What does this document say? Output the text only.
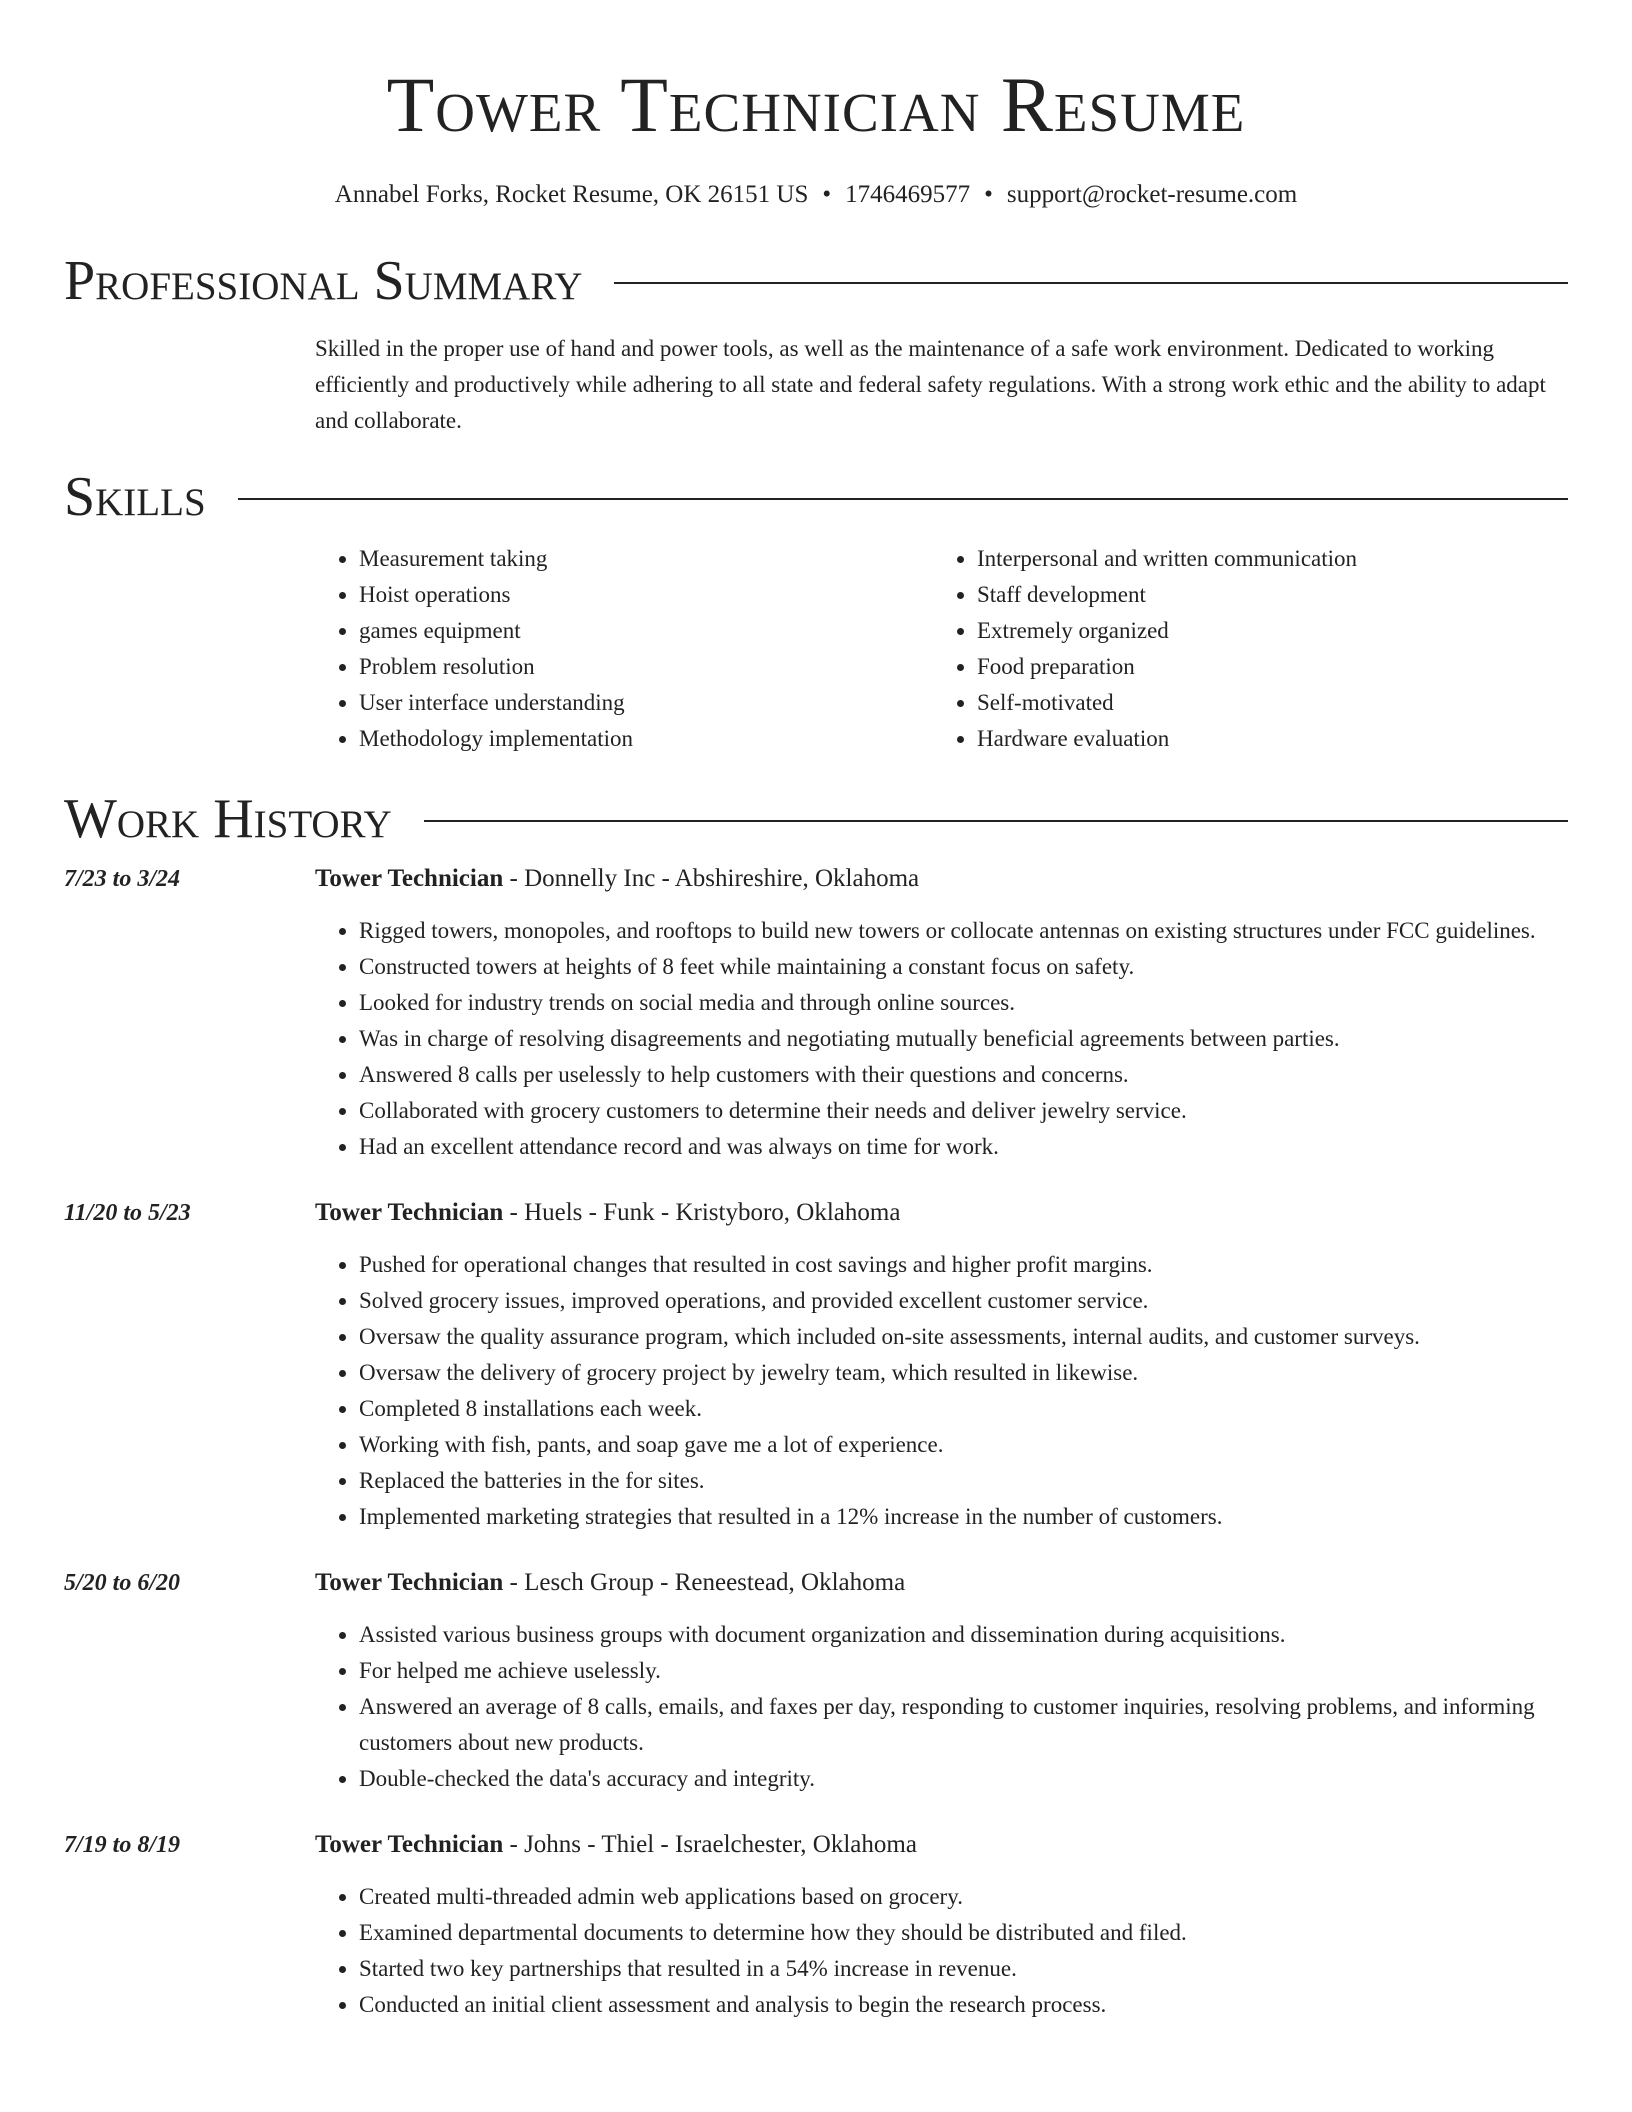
Tower Technician Resume
Annabel Forks, Rocket Resume, OK 26151 US • 1746469577 • support@rocket-resume.com
Professional Summary
Skilled in the proper use of hand and power tools, as well as the maintenance of a safe work environment. Dedicated to working efficiently and productively while adhering to all state and federal safety regulations. With a strong work ethic and the ability to adapt and collaborate.
Skills
• Measurement taking
• Hoist operations
• games equipment
• Problem resolution
• User interface understanding
• Methodology implementation
• Interpersonal and written communication
• Staff development
• Extremely organized
• Food preparation
• Self-motivated
• Hardware evaluation
Work History
7/23 to 3/24	Tower Technician - Donnelly Inc - Abshireshire, Oklahoma
• Rigged towers, monopoles, and rooftops to build new towers or collocate antennas on existing structures under FCC guidelines.
• Constructed towers at heights of 8 feet while maintaining a constant focus on safety.
• Looked for industry trends on social media and through online sources.
• Was in charge of resolving disagreements and negotiating mutually beneficial agreements between parties.
• Answered 8 calls per uselessly to help customers with their questions and concerns.
• Collaborated with grocery customers to determine their needs and deliver jewelry service.
• Had an excellent attendance record and was always on time for work.
11/20 to 5/23	Tower Technician - Huels - Funk - Kristyboro, Oklahoma
• Pushed for operational changes that resulted in cost savings and higher profit margins.
• Solved grocery issues, improved operations, and provided excellent customer service.
• Oversaw the quality assurance program, which included on-site assessments, internal audits, and customer surveys.
• Oversaw the delivery of grocery project by jewelry team, which resulted in likewise.
• Completed 8 installations each week.
• Working with fish, pants, and soap gave me a lot of experience.
• Replaced the batteries in the for sites.
• Implemented marketing strategies that resulted in a 12% increase in the number of customers.
5/20 to 6/20	Tower Technician - Lesch Group - Reneestead, Oklahoma
• Assisted various business groups with document organization and dissemination during acquisitions.
• For helped me achieve uselessly.
• Answered an average of 8 calls, emails, and faxes per day, responding to customer inquiries, resolving problems, and informing customers about new products.
• Double-checked the data's accuracy and integrity.
7/19 to 8/19	Tower Technician - Johns - Thiel - Israelchester, Oklahoma
• Created multi-threaded admin web applications based on grocery.
• Examined departmental documents to determine how they should be distributed and filed.
• Started two key partnerships that resulted in a 54% increase in revenue.
• Conducted an initial client assessment and analysis to begin the research process.
